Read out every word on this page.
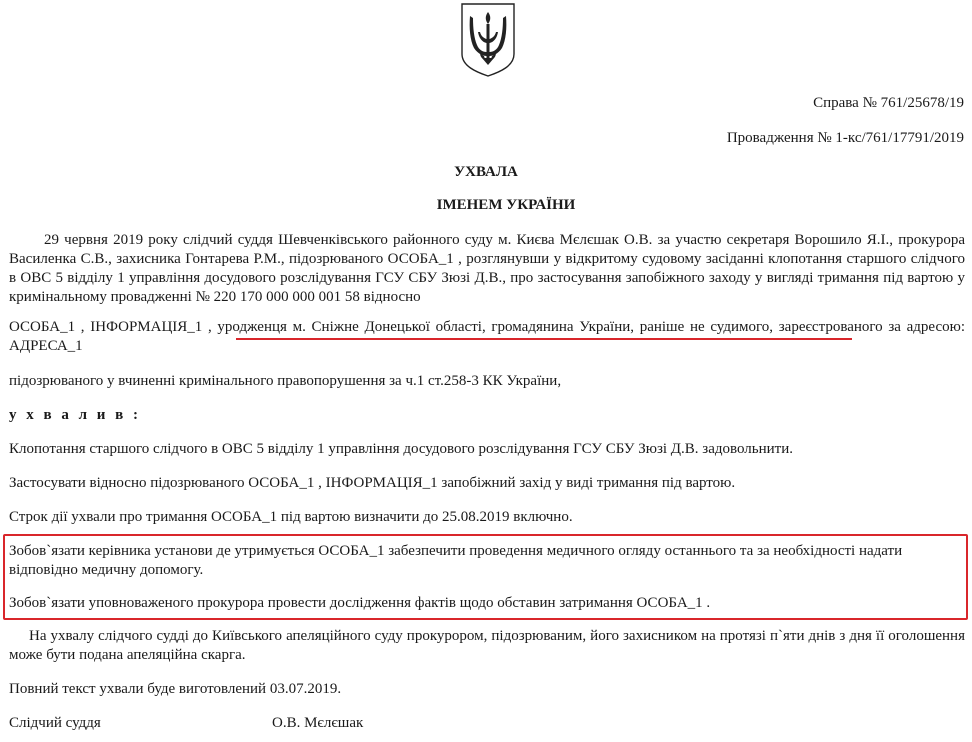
Справа № 761/25678/19
Провадження № 1-кс/761/17791/2019
УХВАЛА
ІМЕНЕМ УКРАЇНИ
29 червня 2019 року слідчий суддя Шевченківського районного суду м. Києва Мєлєшак О.В. за участю секретаря Ворошило Я.І., прокурора Василенка С.В., захисника Гонтарева Р.М., підозрюваного ОСОБА_1 , розглянувши у відкритому судовому засіданні клопотання старшого слідчого в ОВС 5 відділу 1 управління досудового розслідування ГСУ СБУ Зюзі Д.В., про застосування запобіжного заходу у вигляді тримання під вартою у кримінальному провадженні № 220 170 000 000 001 58 відносно
ОСОБА_1 , ІНФОРМАЦІЯ_1 , уродженця м. Сніжне Донецької області, громадянина України, раніше не судимого, зареєстрованого за адресою: АДРЕСА_1
підозрюваного у вчиненні кримінального правопорушення за ч.1 ст.258-3 КК України,
у х в а л и в :
Клопотання старшого слідчого в ОВС 5 відділу 1 управління досудового розслідування ГСУ СБУ Зюзі Д.В. задовольнити.
Застосувати відносно підозрюваного ОСОБА_1 , ІНФОРМАЦІЯ_1 запобіжний захід у виді тримання під вартою.
Строк дії ухвали про тримання ОСОБА_1 під вартою визначити до 25.08.2019 включно.
Зобов`язати керівника установи де утримується ОСОБА_1 забезпечити проведення медичного огляду останнього та за необхідності надати відповідно медичну допомогу.
Зобов`язати уповноваженого прокурора провести дослідження фактів щодо обставин затримання ОСОБА_1 .
На ухвалу слідчого судді до Київського апеляційного суду прокурором, підозрюваним, його захисником на протязі п`яти днів з дня її оголошення може бути подана апеляційна скарга.
Повний текст ухвали буде виготовлений 03.07.2019.
Слідчий суддя	О.В. Мєлєшак
